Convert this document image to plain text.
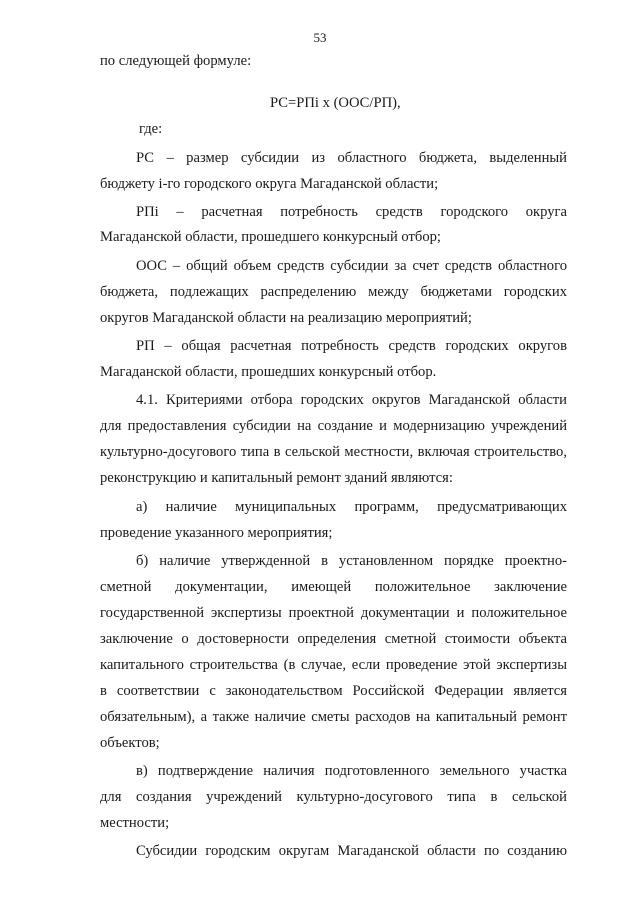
53
по следующей формуле:
РС=РПi х (ООС/РП),
где:
РС – размер субсидии из областного бюджета, выделенный
бюджету i-го городского округа Магаданской области;
РПi – расчетная потребность средств городского округа
Магаданской области, прошедшего конкурсный отбор;
ООС – общий объем средств субсидии за счет средств областного
бюджета, подлежащих распределению между бюджетами городских
округов Магаданской области на реализацию мероприятий;
РП – общая расчетная потребность средств городских округов
Магаданской области, прошедших конкурсный отбор.
4.1. Критериями отбора городских округов Магаданской области
для предоставления субсидии на создание и модернизацию учреждений
культурно-досугового типа в сельской местности, включая строительство,
реконструкцию и капитальный ремонт зданий являются:
а) наличие муниципальных программ, предусматривающих
проведение указанного мероприятия;
б) наличие утвержденной в установленном порядке проектно-
сметной документации, имеющей положительное заключение
государственной экспертизы проектной документации и положительное
заключение о достоверности определения сметной стоимости объекта
капитального строительства (в случае, если проведение этой экспертизы
в соответствии с законодательством Российской Федерации является
обязательным), а также наличие сметы расходов на капитальный ремонт
объектов;
в) подтверждение наличия подготовленного земельного участка
для создания учреждений культурно-досугового типа в сельской
местности;
Субсидии городским округам Магаданской области по созданию
